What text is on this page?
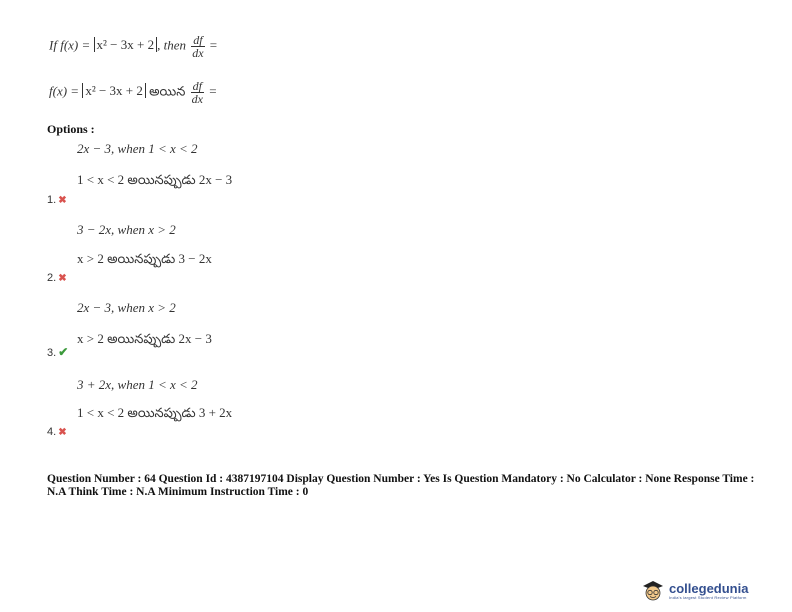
If f(x) = x² − 3x + 2 , then $\frac{df}{dx}$ =
f(x) = x² − 3x + 2 అయిన $\frac{df}{dx}$ =
Options :
2x − 3, when 1 < x < 2
1 < x < 2 అయినప్పుడు 2x − 3
1. ✖
3 − 2x, when x > 2
x > 2 అయినప్పుడు 3 − 2x
2. ✖
2x − 3, when x > 2
x > 2 అయినప్పుడు 2x − 3
3. ✔
3 + 2x, when 1 < x < 2
1 < x < 2 అయినప్పుడు 3 + 2x
4. ✖
Question Number : 64 Question Id : 4387197104 Display Question Number : Yes Is Question Mandatory : No Calculator : None Response Time : N.A Think Time : N.A Minimum Instruction Time : 0
collegedunia
India's largest Student Review Platform
